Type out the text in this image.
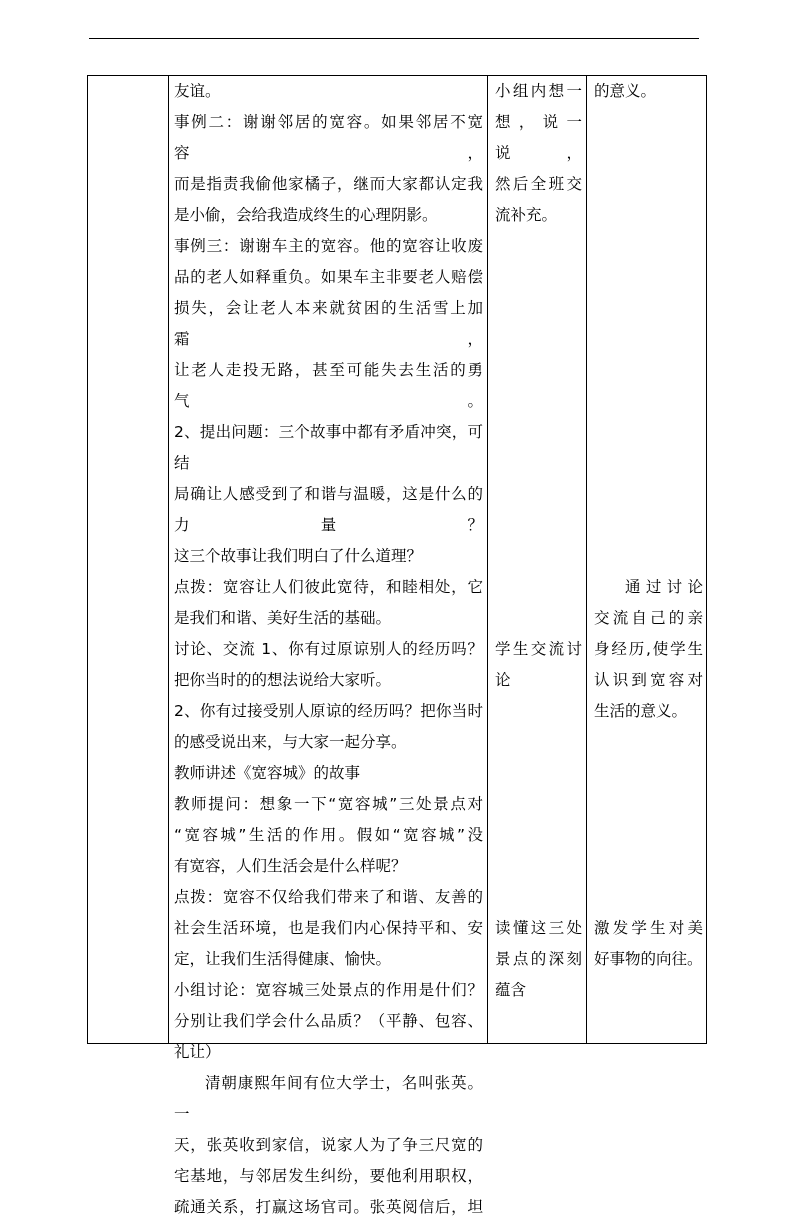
友谊。

事例二：谢谢邻居的宽容。如果邻居不宽容，

而是指责我偷他家橘子，继而大家都认定我

是小偷，会给我造成终生的心理阴影。

事例三：谢谢车主的宽容。他的宽容让收废

品的老人如释重负。如果车主非要老人赔偿

损失，会让老人本来就贫困的生活雪上加霜，

让老人走投无路，甚至可能失去生活的勇气。

2、提出问题：三个故事中都有矛盾冲突，可结

局确让人感受到了和谐与温暖，这是什么的力量？

这三个故事让我们明白了什么道理？

点拨：宽容让人们彼此宽待，和睦相处，它

是我们和谐、美好生活的基础。

讨论、交流 1、你有过原谅别人的经历吗？

把你当时的的想法说给大家听。

2、你有过接受别人原谅的经历吗？把你当时

的感受说出来，与大家一起分享。

教师讲述《宽容城》的故事

教师提问：想象一下“宽容城”三处景点对

“宽容城”生活的作用。假如“宽容城”没

有宽容，人们生活会是什么样呢？

点拨：宽容不仅给我们带来了和谐、友善的

社会生活环境，也是我们内心保持平和、安

定，让我们生活得健康、愉快。

小组讨论：宽容城三处景点的作用是什们？

分别让我们学会什么品质？（平静、包容、

礼让）

清朝康熙年间有位大学士，名叫张英。一

天，张英收到家信，说家人为了争三尺宽的

宅基地，与邻居发生纠纷，要他利用职权，

疏通关系，打赢这场官司。张英阅信后，坦

小组内想一

想，说一说，

然后全班交

流补充。

学生交流讨

论

读懂这三处

景点的深刻

蕴含

的意义。

通过讨论

交流自己的亲

身经历,使学生

认识到宽容对

生活的意义。

激发学生对美

好事物的向往。
